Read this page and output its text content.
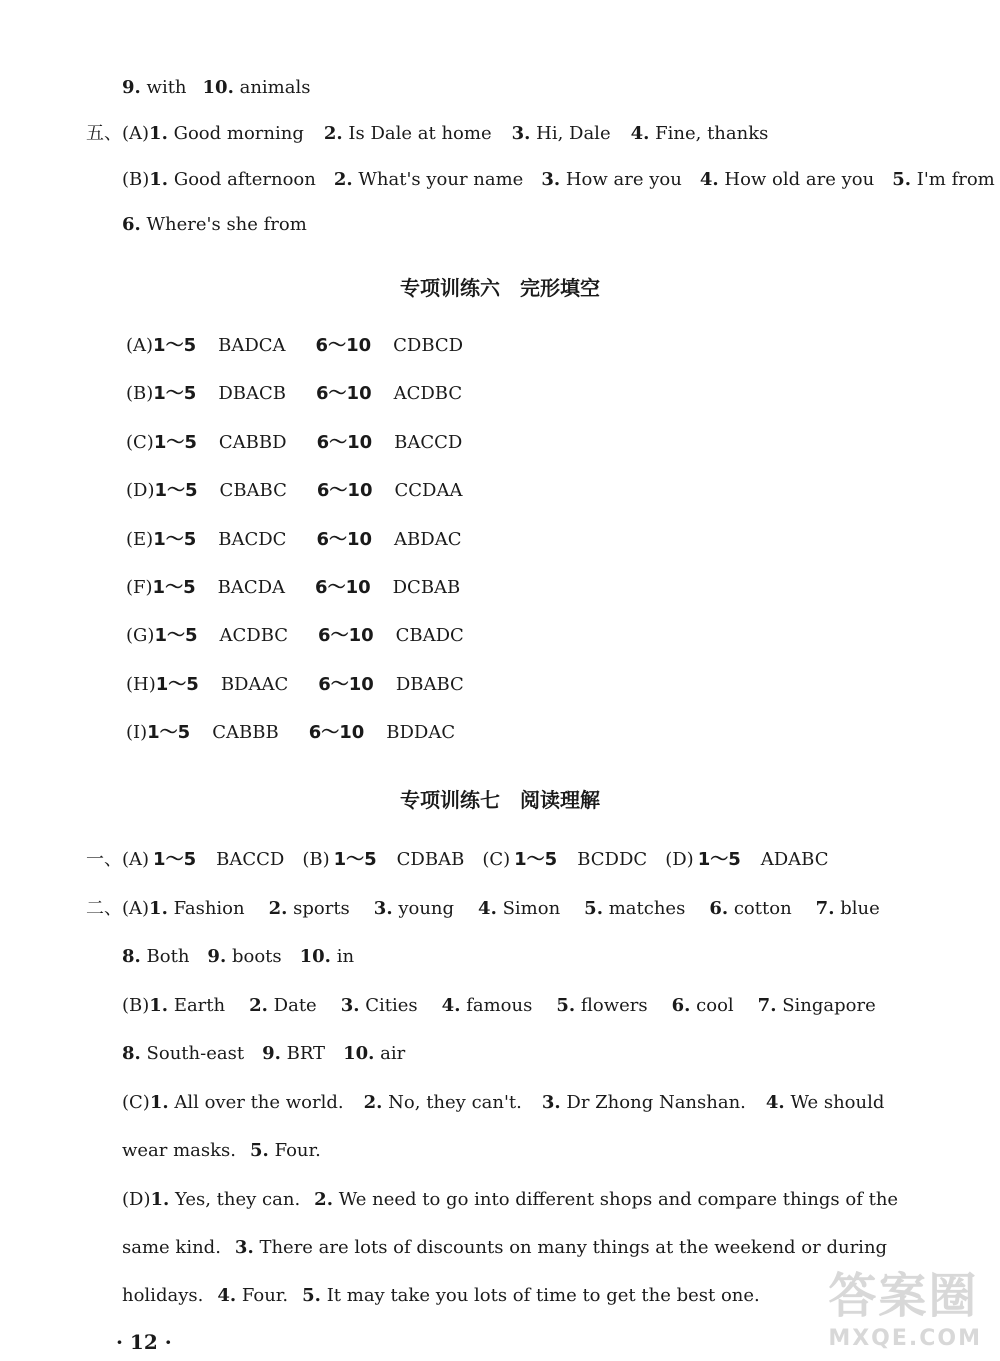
9. with 10. animals
五、(A)1. Good morning 2. Is Dale at home 3. Hi, Dale 4. Fine, thanks
(B)1. Good afternoon 2. What's your name 3. How are you 4. How old are you 5. I'm from
6. Where's she from
专项训练六　完形填空
(A)1～5 BADCA 6～10 CDBCD
(B)1～5 DBACB 6～10 ACDBC
(C)1～5 CABBD 6～10 BACCD
(D)1～5 CBABC 6～10 CCDAA
(E)1～5 BACDC 6～10 ABDAC
(F)1～5 BACDA 6～10 DCBAB
(G)1～5 ACDBC 6～10 CBADC
(H)1～5 BDAAC 6～10 DBABC
(I)1～5 CABBB 6～10 BDDAC
专项训练七　阅读理解
一、(A) 1～5 BACCD (B) 1～5 CDBAB (C) 1～5 BCDDC (D) 1～5 ADABC
二、(A)1. Fashion 2. sports 3. young 4. Simon 5. matches 6. cotton 7. blue
8. Both 9. boots 10. in
(B)1. Earth 2. Date 3. Cities 4. famous 5. flowers 6. cool 7. Singapore
8. South-east 9. BRT 10. air
(C)1. All over the world. 2. No, they can't. 3. Dr Zhong Nanshan. 4. We should
wear masks. 5. Four.
(D)1. Yes, they can. 2. We need to go into different shops and compare things of the
same kind. 3. There are lots of discounts on many things at the weekend or during
holidays. 4. Four. 5. It may take you lots of time to get the best one.
· 12 ·
答案圈
MXQE.COM
